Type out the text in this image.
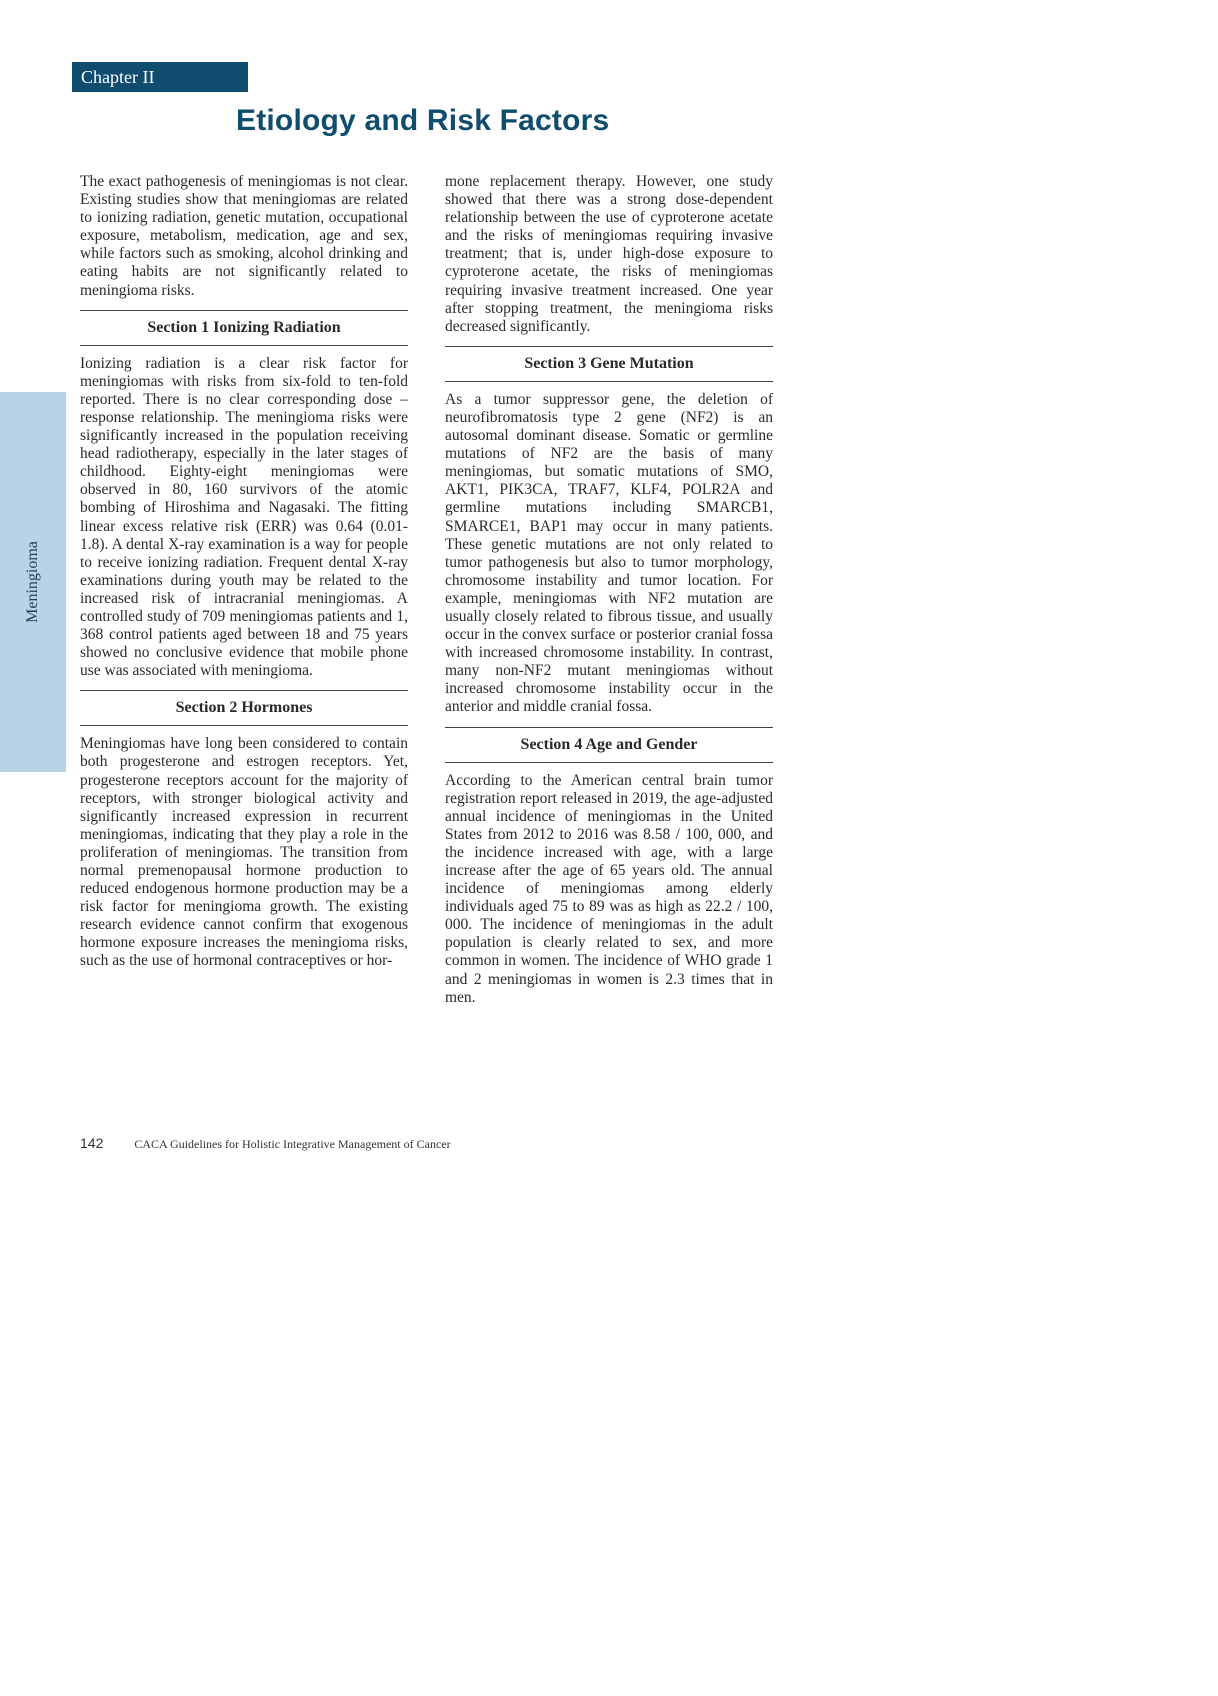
Chapter II
Etiology and Risk Factors
Meningioma

The exact pathogenesis of meningiomas is not clear. Existing studies show that meningiomas are related to ionizing radiation, genetic mutation, occupational exposure, metabolism, medication, age and sex, while factors such as smoking, alcohol drinking and eating habits are not significantly related to meningioma risks.

Section 1 Ionizing Radiation

Ionizing radiation is a clear risk factor for meningiomas with risks from six-fold to ten-fold reported. There is no clear corresponding dose – response relationship. The meningioma risks were significantly increased in the population receiving head radiotherapy, especially in the later stages of childhood. Eighty-eight meningiomas were observed in 80, 160 survivors of the atomic bombing of Hiroshima and Nagasaki. The fitting linear excess relative risk (ERR) was 0.64 (0.01-1.8). A dental X-ray examination is a way for people to receive ionizing radiation. Frequent dental X-ray examinations during youth may be related to the increased risk of intracranial meningiomas. A controlled study of 709 meningiomas patients and 1, 368 control patients aged between 18 and 75 years showed no conclusive evidence that mobile phone use was associated with meningioma.

Section 2 Hormones

Meningiomas have long been considered to contain both progesterone and estrogen receptors. Yet, progesterone receptors account for the majority of receptors, with stronger biological activity and significantly increased expression in recurrent meningiomas, indicating that they play a role in the proliferation of meningiomas. The transition from normal premenopausal hormone production to reduced endogenous hormone production may be a risk factor for meningioma growth. The existing research evidence cannot confirm that exogenous hormone exposure increases the meningioma risks, such as the use of hormonal contraceptives or hor-

mone replacement therapy. However, one study showed that there was a strong dose-dependent relationship between the use of cyproterone acetate and the risks of meningiomas requiring invasive treatment; that is, under high-dose exposure to cyproterone acetate, the risks of meningiomas requiring invasive treatment increased. One year after stopping treatment, the meningioma risks decreased significantly.

Section 3 Gene Mutation

As a tumor suppressor gene, the deletion of neurofibromatosis type 2 gene (NF2) is an autosomal dominant disease. Somatic or germline mutations of NF2 are the basis of many meningiomas, but somatic mutations of SMO, AKT1, PIK3CA, TRAF7, KLF4, POLR2A and germline mutations including SMARCB1, SMARCE1, BAP1 may occur in many patients. These genetic mutations are not only related to tumor pathogenesis but also to tumor morphology, chromosome instability and tumor location. For example, meningiomas with NF2 mutation are usually closely related to fibrous tissue, and usually occur in the convex surface or posterior cranial fossa with increased chromosome instability. In contrast, many non-NF2 mutant meningiomas without increased chromosome instability occur in the anterior and middle cranial fossa.

Section 4 Age and Gender

According to the American central brain tumor registration report released in 2019, the age-adjusted annual incidence of meningiomas in the United States from 2012 to 2016 was 8.58 / 100, 000, and the incidence increased with age, with a large increase after the age of 65 years old. The annual incidence of meningiomas among elderly individuals aged 75 to 89 was as high as 22.2 / 100, 000. The incidence of meningiomas in the adult population is clearly related to sex, and more common in women. The incidence of WHO grade 1 and 2 meningiomas in women is 2.3 times that in men.

142	CACA Guidelines for Holistic Integrative Management of Cancer
